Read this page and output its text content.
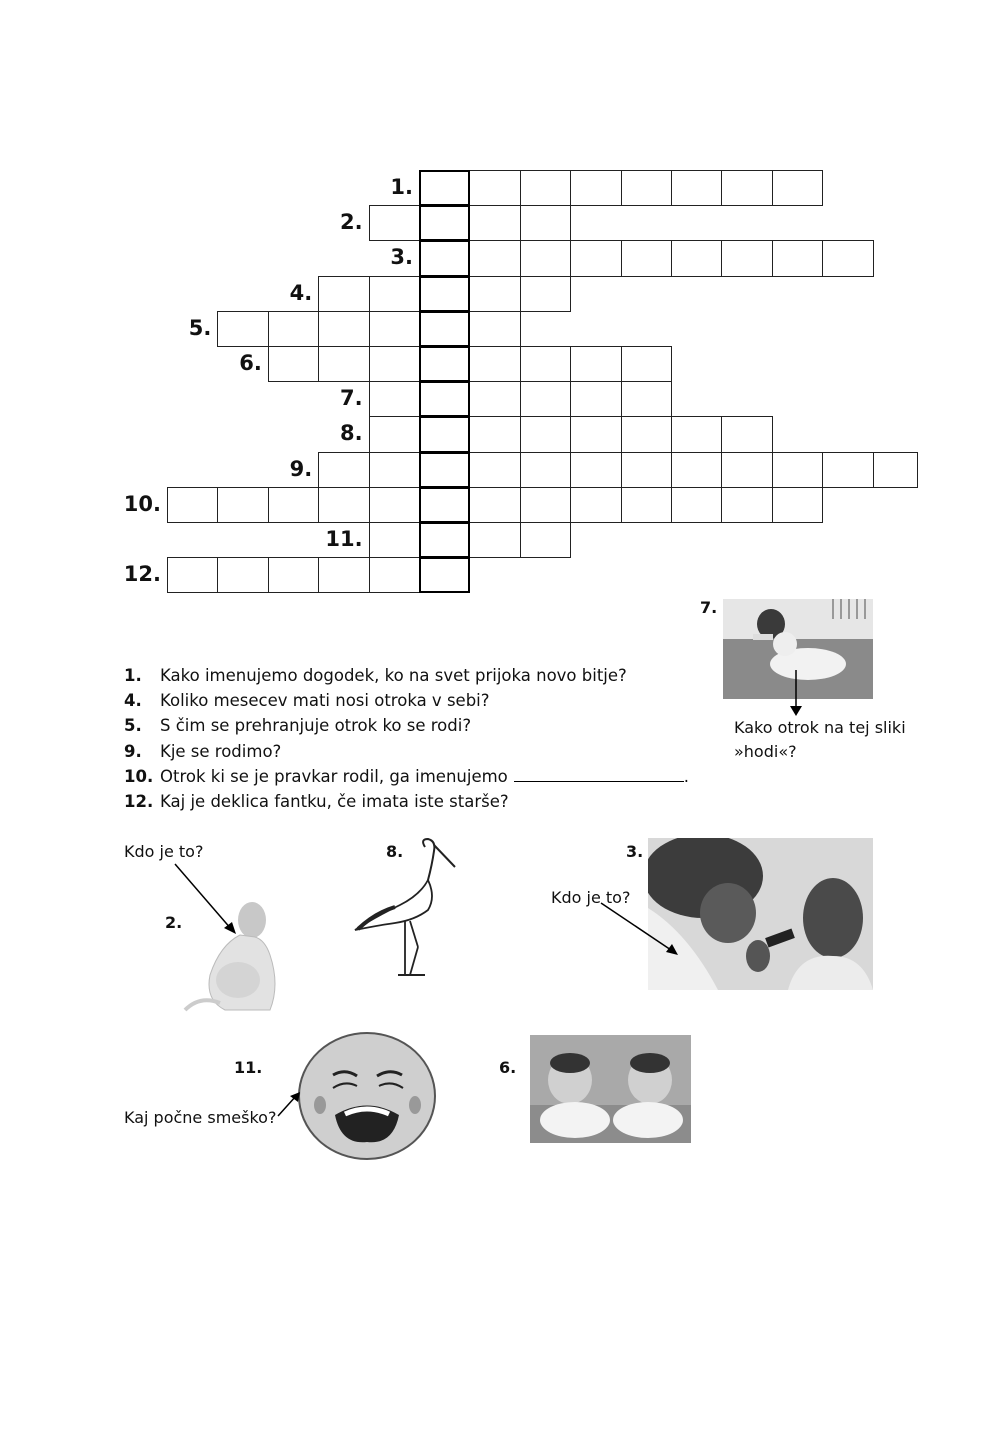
1.
2.
3.
4.
5.
6.
7.
8.
9.
10.
11.
12.
1. Kako imenujemo dogodek, ko na svet prijoka novo bitje?
4. Koliko mesecev mati nosi otroka v sebi?
5. S čim se prehranjuje otrok ko se rodi?
9. Kje se rodimo?
10. Otrok ki se je pravkar rodil, ga imenujemo	.
12. Kaj je deklica fantku, če imata iste starše?
7.
Kako otrok na tej sliki
»hodi«?
Kdo je to?
2.
8.	3.
Kdo je to?
11.
Kaj počne smeško?
6.
